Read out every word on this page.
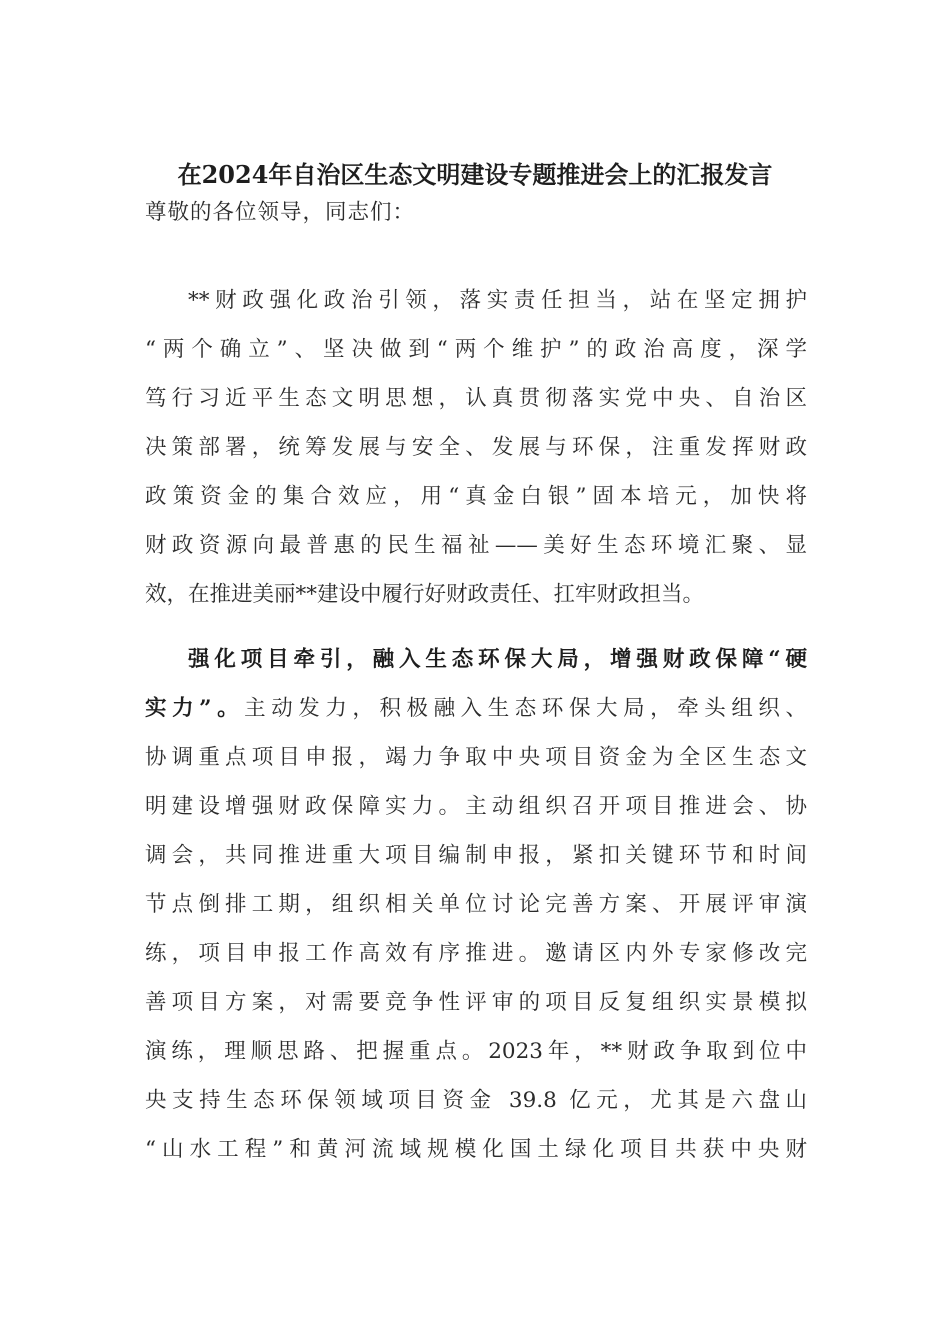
在2024年自治区生态文明建设专题推进会上的汇报发言
尊敬的各位领导，同志们：
**财政强化政治引领，落实责任担当，站在坚定拥护
“两个确立”、坚决做到“两个维护”的政治高度，深学
笃行习近平生态文明思想，认真贯彻落实党中央、自治区
决策部署，统筹发展与安全、发展与环保，注重发挥财政
政策资金的集合效应，用“真金白银”固本培元，加快将
财政资源向最普惠的民生福祉——美好生态环境汇聚、显
效，在推进美丽**建设中履行好财政责任、扛牢财政担当。
强化项目牵引，融入生态环保大局，增强财政保障“硬
实力”。主动发力，积极融入生态环保大局，牵头组织、
协调重点项目申报，竭力争取中央项目资金为全区生态文
明建设增强财政保障实力。主动组织召开项目推进会、协
调会，共同推进重大项目编制申报，紧扣关键环节和时间
节点倒排工期，组织相关单位讨论完善方案、开展评审演
练，项目申报工作高效有序推进。邀请区内外专家修改完
善项目方案，对需要竞争性评审的项目反复组织实景模拟
演练，理顺思路、把握重点。2023年，**财政争取到位中
央支持生态环保领域项目资金 39.8 亿元，尤其是六盘山
“山水工程”和黄河流域规模化国土绿化项目共获中央财
